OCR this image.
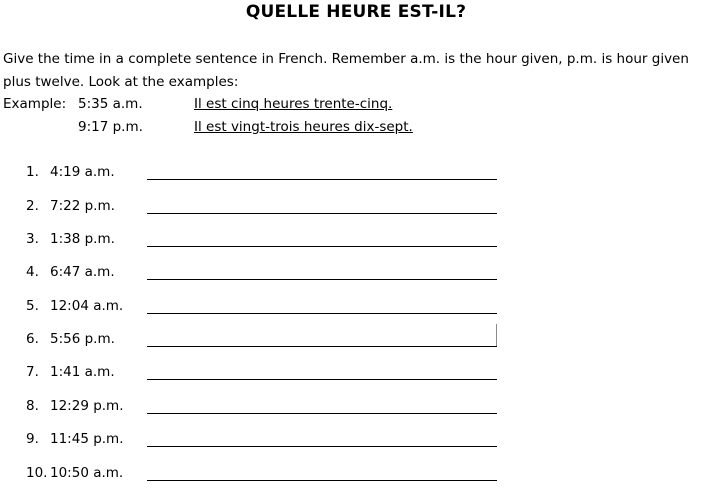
QUELLE HEURE EST-IL?

Give the time in a complete sentence in French. Remember a.m. is the hour given, p.m. is hour given plus twelve. Look at the examples:

Example: 5:35 a.m.	Il est cinq heures trente-cinq.
9:17 p.m.	Il est vingt-trois heures dix-sept.
1. 4:19 a.m.
2. 7:22 p.m.
3. 1:38 p.m.
4. 6:47 a.m.
5. 12:04 a.m.
6. 5:56 p.m.
7. 1:41 a.m.
8. 12:29 p.m.
9. 11:45 p.m.
10. 10:50 a.m.
